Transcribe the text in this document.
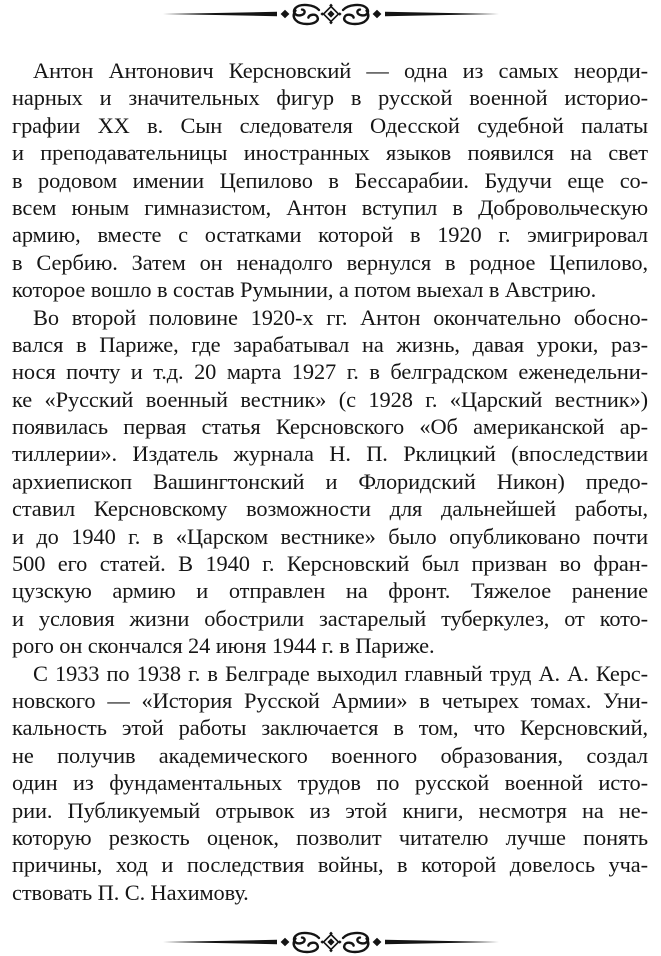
Антон Антонович Керсновский — одна из самых неорди-
нарных и значительных фигур в русской военной историо-
графии XX в. Сын следователя Одесской судебной палаты
и преподавательницы иностранных языков появился на свет
в родовом имении Цепилово в Бессарабии. Будучи еще со-
всем юным гимназистом, Антон вступил в Добровольческую
армию, вместе с остатками которой в 1920 г. эмигрировал
в Сербию. Затем он ненадолго вернулся в родное Цепилово,
которое вошло в состав Румынии, а потом выехал в Австрию.
Во второй половине 1920-х гг. Антон окончательно обосно-
вался в Париже, где зарабатывал на жизнь, давая уроки, раз-
нося почту и т.д. 20 марта 1927 г. в белградском еженедельни-
ке «Русский военный вестник» (с 1928 г. «Царский вестник»)
появилась первая статья Керсновского «Об американской ар-
тиллерии». Издатель журнала Н. П. Рклицкий (впоследствии
архиепископ Вашингтонский и Флоридский Никон) предо-
ставил Керсновскому возможности для дальнейшей работы,
и до 1940 г. в «Царском вестнике» было опубликовано почти
500 его статей. В 1940 г. Керсновский был призван во фран-
цузскую армию и отправлен на фронт. Тяжелое ранение
и условия жизни обострили застарелый туберкулез, от кото-
рого он скончался 24 июня 1944 г. в Париже.
С 1933 по 1938 г. в Белграде выходил главный труд А. А. Керс-
новского — «История Русской Армии» в четырех томах. Уни-
кальность этой работы заключается в том, что Керсновский,
не получив академического военного образования, создал
один из фундаментальных трудов по русской военной исто-
рии. Публикуемый отрывок из этой книги, несмотря на не-
которую резкость оценок, позволит читателю лучше понять
причины, ход и последствия войны, в которой довелось уча-
ствовать П. С. Нахимову.
